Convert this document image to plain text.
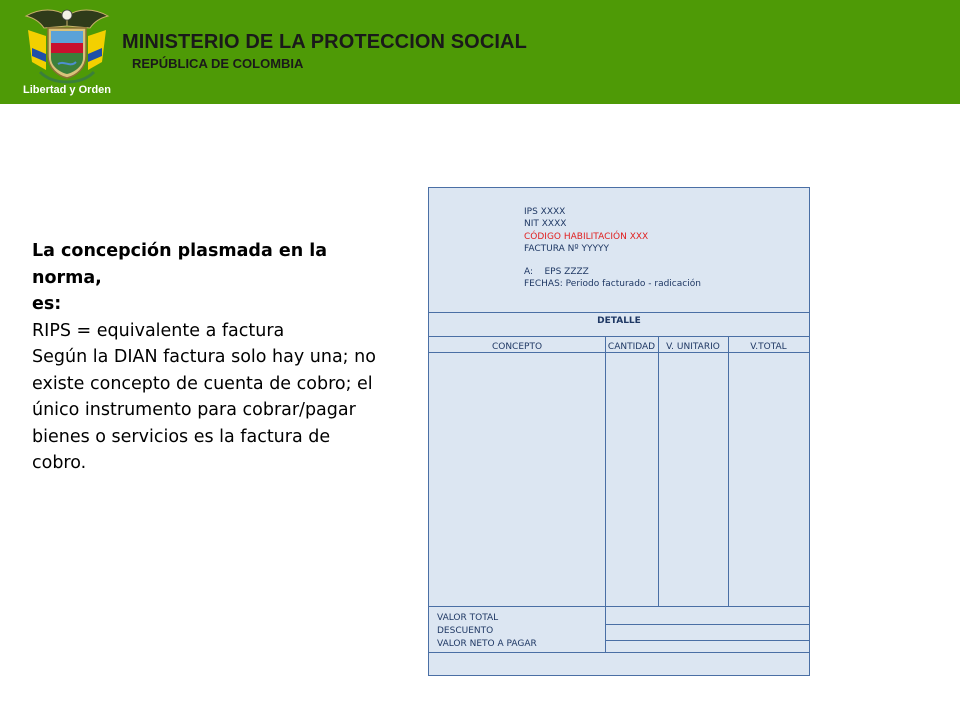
Libertad y Orden
MINISTERIO DE LA PROTECCION SOCIAL
REPÚBLICA DE COLOMBIA
La concepción plasmada en la norma,
es:
RIPS = equivalente a factura
Según la DIAN factura solo hay una; no
existe concepto de cuenta de cobro; el
único instrumento para cobrar/pagar
bienes o servicios es la factura de
cobro.
IPS XXXX
NIT XXXX
CÓDIGO HABILITACIÓN XXX
FACTURA Nº YYYYY
A:    EPS ZZZZ
FECHAS: Periodo facturado - radicación
DETALLE
CONCEPTO	CANTIDAD	V. UNITARIO	V.TOTAL
VALOR TOTAL
DESCUENTO
VALOR NETO A PAGAR
